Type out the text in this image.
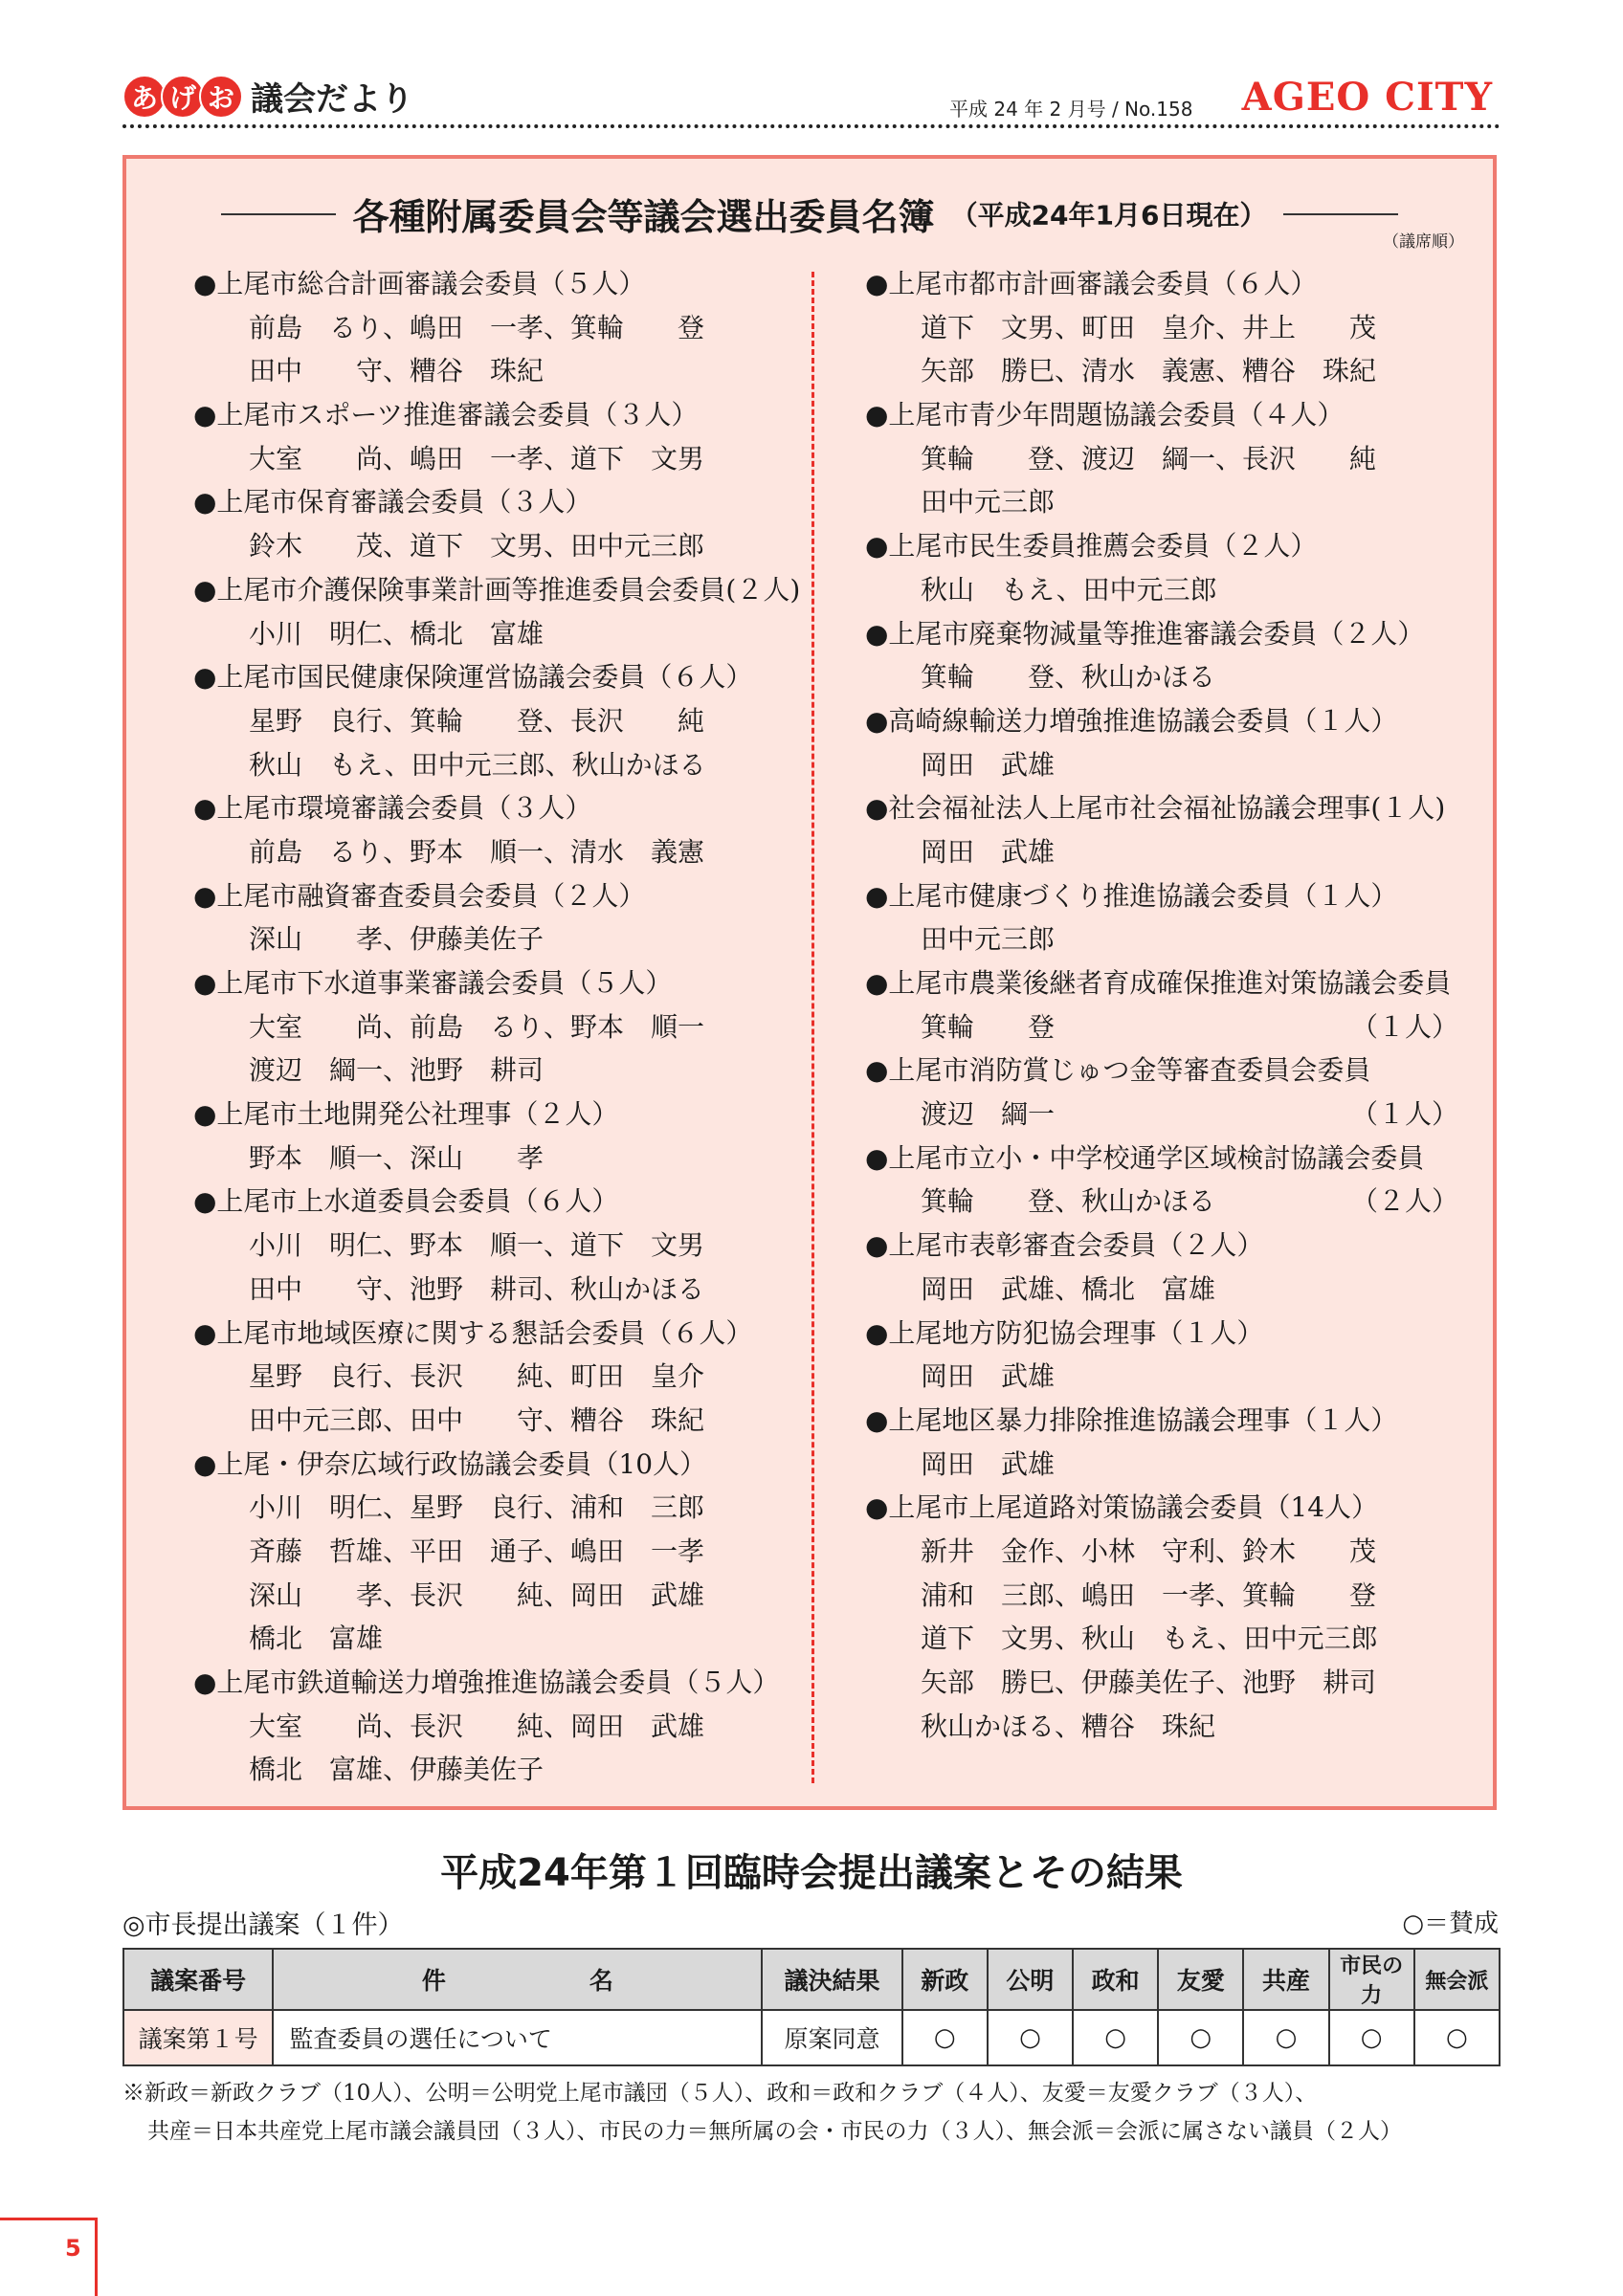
あ げ お 議会だより	平成 24 年 2 月号 / No.158 AGEO CITY
各種附属委員会等議会選出委員名簿 （平成24年1月6日現在）
（議席順）
●上尾市総合計画審議会委員（５人）
前島　るり、嶋田　一孝、箕輪　　登
田中　　守、糟谷　珠紀
●上尾市スポーツ推進審議会委員（３人）
大室　　尚、嶋田　一孝、道下　文男
●上尾市保育審議会委員（３人）
鈴木　　茂、道下　文男、田中元三郎
●上尾市介護保険事業計画等推進委員会委員(２人)
小川　明仁、橋北　富雄
●上尾市国民健康保険運営協議会委員（６人）
星野　良行、箕輪　　登、長沢　　純
秋山　もえ、田中元三郎、秋山かほる
●上尾市環境審議会委員（３人）
前島　るり、野本　順一、清水　義憲
●上尾市融資審査委員会委員（２人）
深山　　孝、伊藤美佐子
●上尾市下水道事業審議会委員（５人）
大室　　尚、前島　るり、野本　順一
渡辺　綱一、池野　耕司
●上尾市土地開発公社理事（２人）
野本　順一、深山　　孝
●上尾市上水道委員会委員（６人）
小川　明仁、野本　順一、道下　文男
田中　　守、池野　耕司、秋山かほる
●上尾市地域医療に関する懇話会委員（６人）
星野　良行、長沢　　純、町田　皇介
田中元三郎、田中　　守、糟谷　珠紀
●上尾・伊奈広域行政協議会委員（10人）
小川　明仁、星野　良行、浦和　三郎
斉藤　哲雄、平田　通子、嶋田　一孝
深山　　孝、長沢　　純、岡田　武雄
橋北　富雄
●上尾市鉄道輸送力増強推進協議会委員（５人）
大室　　尚、長沢　　純、岡田　武雄
橋北　富雄、伊藤美佐子
●上尾市都市計画審議会委員（６人）
道下　文男、町田　皇介、井上　　茂
矢部　勝巳、清水　義憲、糟谷　珠紀
●上尾市青少年問題協議会委員（４人）
箕輪　　登、渡辺　綱一、長沢　　純
田中元三郎
●上尾市民生委員推薦会委員（２人）
秋山　もえ、田中元三郎
●上尾市廃棄物減量等推進審議会委員（２人）
箕輪　　登、秋山かほる
●高崎線輸送力増強推進協議会委員（１人）
岡田　武雄
●社会福祉法人上尾市社会福祉協議会理事(１人)
岡田　武雄
●上尾市健康づくり推進協議会委員（１人）
田中元三郎
●上尾市農業後継者育成確保推進対策協議会委員
箕輪　　登	（１人）
●上尾市消防賞じゅつ金等審査委員会委員
渡辺　綱一	（１人）
●上尾市立小・中学校通学区域検討協議会委員
箕輪　　登、秋山かほる	（２人）
●上尾市表彰審査会委員（２人）
岡田　武雄、橋北　富雄
●上尾地方防犯協会理事（１人）
岡田　武雄
●上尾地区暴力排除推進協議会理事（１人）
岡田　武雄
●上尾市上尾道路対策協議会委員（14人）
新井　金作、小林　守利、鈴木　　茂
浦和　三郎、嶋田　一孝、箕輪　　登
道下　文男、秋山　もえ、田中元三郎
矢部　勝巳、伊藤美佐子、池野　耕司
秋山かほる、糟谷　珠紀
平成24年第１回臨時会提出議案とその結果
◎市長提出議案（１件）	○＝賛成
議案番号	件　　　　　　名	議決結果	新政	公明	政和	友愛	共産	市民の力	無会派
議案第１号	監査委員の選任について	原案同意	○	○	○	○	○	○	○
※新政＝新政クラブ（10人）、公明＝公明党上尾市議団（５人）、政和＝政和クラブ（４人）、友愛＝友愛クラブ（３人）、
共産＝日本共産党上尾市議会議員団（３人）、市民の力＝無所属の会・市民の力（３人）、無会派＝会派に属さない議員（２人）
5
